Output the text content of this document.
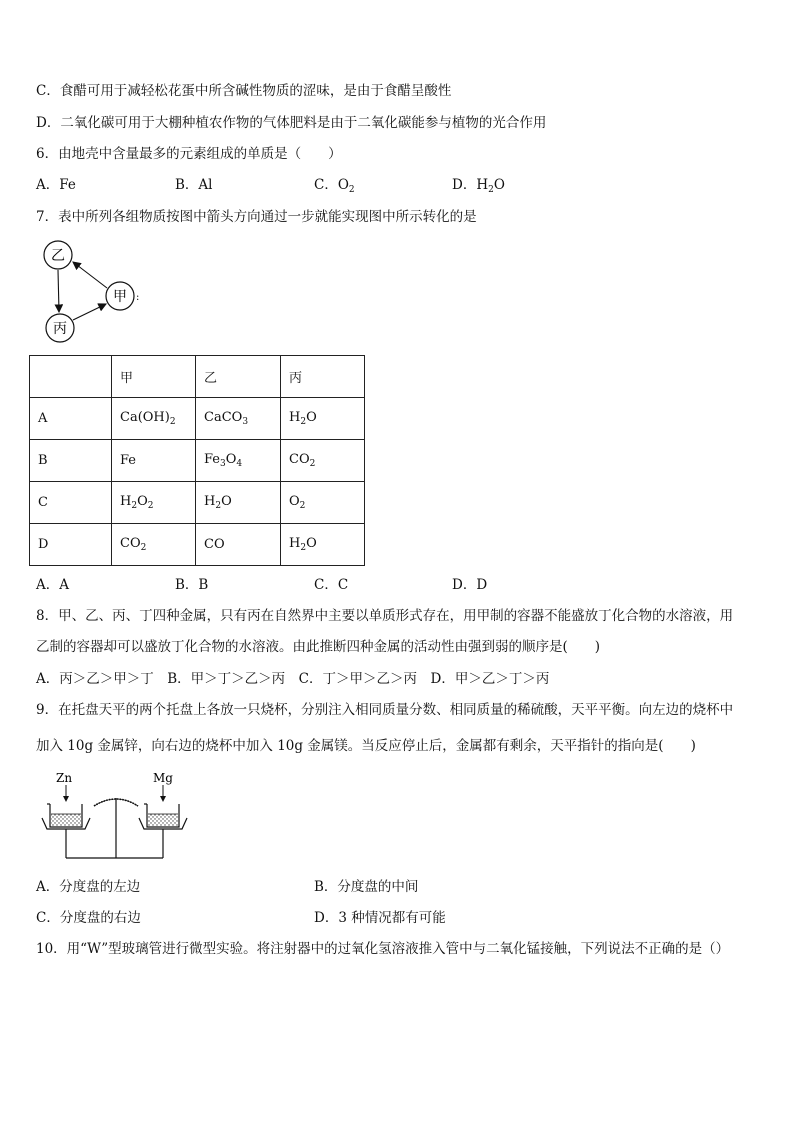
C．食醋可用于减轻松花蛋中所含碱性物质的涩味，是由于食醋呈酸性
D．二氧化碳可用于大棚种植农作物的气体肥料是由于二氧化碳能参与植物的光合作用
6．由地壳中含量最多的元素组成的单质是（　　）
A．Fe	B．Al	C．$O_2$	D．$H_2O$
7．表中所列各组物质按图中箭头方向通过一步就能实现图中所示转化的是
乙
甲 :
丙
	甲	乙	丙
A	$Ca(OH)_2$	CaCO$_3$	$H_2O$
B	Fe	$Fe_3O_4$	$CO_2$
C	$H_2O_2$	$H_2O$	$O_2$
D	$CO_2$	CO	$H_2O$
A．A	B．B	C．C	D．D
8．甲、乙、丙、丁四种金属，只有丙在自然界中主要以单质形式存在，用甲制的容器不能盛放丁化合物的水溶液，用
乙制的容器却可以盛放丁化合物的水溶液。由此推断四种金属的活动性由强到弱的顺序是(　　)
A．丙＞乙＞甲＞丁　B．甲＞丁＞乙＞丙　C．丁＞甲＞乙＞丙　D．甲＞乙＞丁＞丙
9．在托盘天平的两个托盘上各放一只烧杯，分别注入相同质量分数、相同质量的稀硫酸，天平平衡。向左边的烧杯中
加入 10g 金属锌，向右边的烧杯中加入 10g 金属镁。当反应停止后，金属都有剩余，天平指针的指向是(　　)
Zn	Mg
A．分度盘的左边	B．分度盘的中间
C．分度盘的右边	D．3 种情况都有可能
10．用“W”型玻璃管进行微型实验。将注射器中的过氧化氢溶液推入管中与二氧化锰接触，下列说法不正确的是（）
